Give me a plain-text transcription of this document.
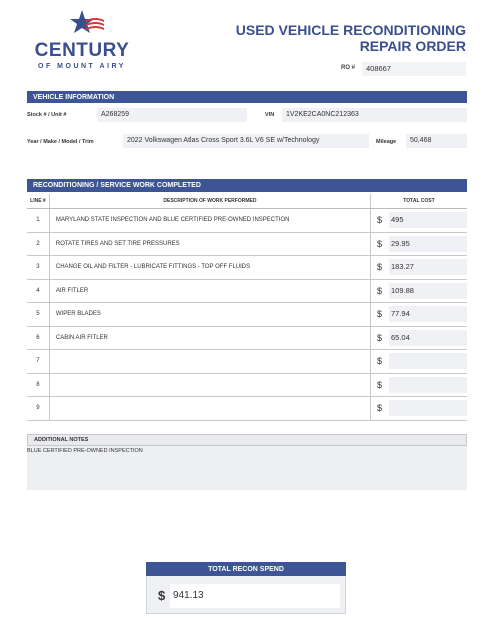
CENTURY
OF MOUNT AIRY
USED VEHICLE RECONDITIONING
REPAIR ORDER
RO #	408667
VEHICLE INFORMATION
Stock # / Unit #	A268259	VIN	1V2KE2CA0NC212363
Year / Make / Model / Trim	2022 Volkswagen Atlas Cross Sport 3.6L V6 SE w/Technology	Mileage	50,468
RECONDITIONING / SERVICE WORK COMPLETED
LINE #	DESCRIPTION OF WORK PERFORMED	TOTAL COST
1	MARYLAND STATE INSPECTION AND BLUE CERTIFIED PRE-OWNED INSPECTION	$ 495

2	ROTATE TIRES AND SET TIRE PRESSURES	$ 29.95

3	CHANGE OIL AND FILTER - LUBRICATE FITTINGS - TOP OFF FLUIDS	$ 183.27

4	AIR FITLER	$ 109.88

5	WIPER BLADES	$ 77.94

6	CABIN AIR FITLER	$ 65.04

7		$

8		$

9		$
ADDITIONAL NOTES
BLUE CERTIFIED PRE-OWNED INSPECTION
TOTAL RECON SPEND
$ 941.13
